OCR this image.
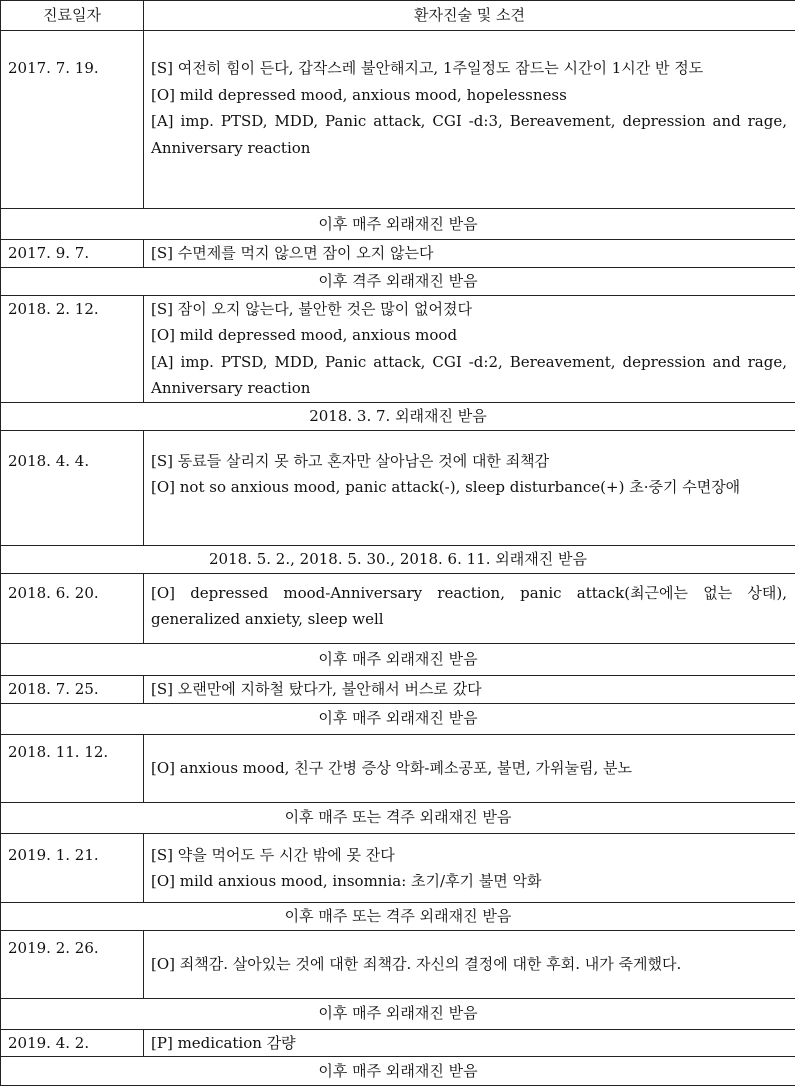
진료일자	환자진술 및 소견
2017. 7. 19.	[S] 여전히 힘이 든다, 갑작스레 불안해지고, 1주일정도 잠드는 시간이 1시간 반 정도
[O] mild depressed mood, anxious mood, hopelessness
[A] imp. PTSD, MDD, Panic attack, CGI -d:3, Bereavement, depression and rage, Anniversary reaction

이후 매주 외래재진 받음	
2017. 9. 7.	[S] 수면제를 먹지 않으면 잠이 오지 않는다

이후 격주 외래재진 받음	
2018. 2. 12.	[S] 잠이 오지 않는다, 불안한 것은 많이 없어졌다
[O] mild depressed mood, anxious mood
[A] imp. PTSD, MDD, Panic attack, CGI -d:2, Bereavement, depression and rage, Anniversary reaction

2018. 3. 7. 외래재진 받음	
2018. 4. 4.	[S] 동료들 살리지 못 하고 혼자만 살아남은 것에 대한 죄책감
[O] not so anxious mood, panic attack(-), sleep disturbance(+) 초·중기 수면장애

2018. 5. 2., 2018. 5. 30., 2018. 6. 11. 외래재진 받음	
2018. 6. 20.	[O] depressed mood-Anniversary reaction, panic attack(최근에는 없는 상태), generalized anxiety, sleep well

이후 매주 외래재진 받음	
2018. 7. 25.	[S] 오랜만에 지하철 탔다가, 불안해서 버스로 갔다

이후 매주 외래재진 받음	
2018. 11. 12.	[O] anxious mood, 친구 간병 증상 악화-폐소공포, 불면, 가위눌림, 분노

이후 매주 또는 격주 외래재진 받음	
2019. 1. 21.	[S] 약을 먹어도 두 시간 밖에 못 잔다
[O] mild anxious mood, insomnia: 초기/후기 불면 악화

이후 매주 또는 격주 외래재진 받음	
2019. 2. 26.	[O] 죄책감. 살아있는 것에 대한 죄책감. 자신의 결정에 대한 후회. 내가 죽게했다.

이후 매주 외래재진 받음	
2019. 4. 2.	[P] medication 감량

이후 매주 외래재진 받음	
